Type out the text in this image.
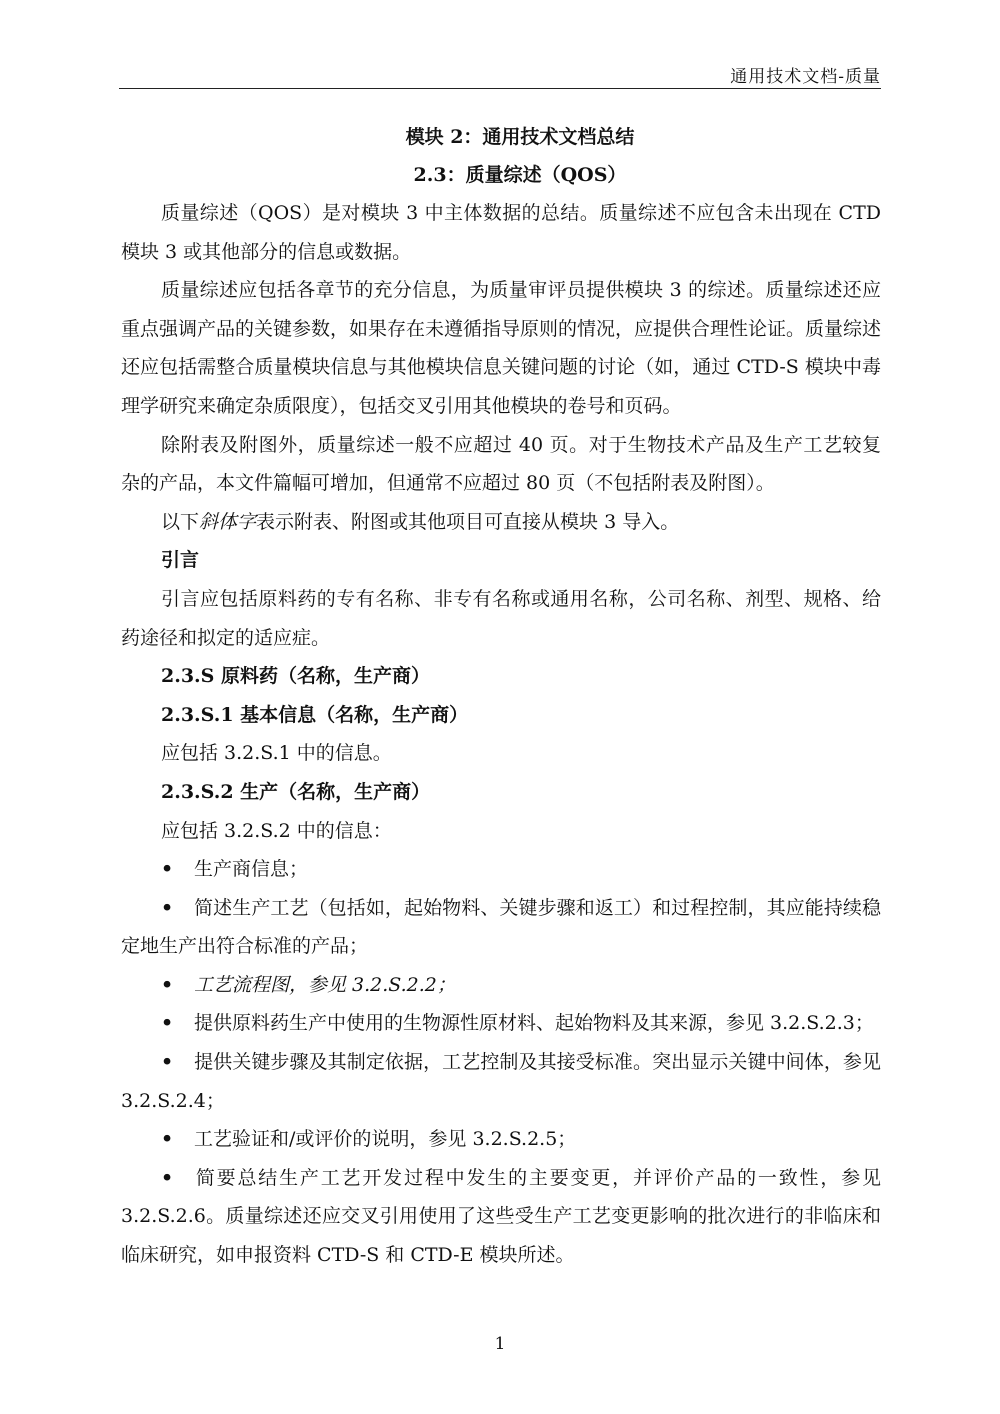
通用技术文档-质量
模块 2：通用技术文档总结
2.3：质量综述（QOS）

质量综述（QOS）是对模块 3 中主体数据的总结。质量综述不应包含未出现在 CTD 模块 3 或其他部分的信息或数据。

质量综述应包括各章节的充分信息，为质量审评员提供模块 3 的综述。质量综述还应重点强调产品的关键参数，如果存在未遵循指导原则的情况，应提供合理性论证。质量综述还应包括需整合质量模块信息与其他模块信息关键问题的讨论（如，通过 CTD-S 模块中毒理学研究来确定杂质限度），包括交叉引用其他模块的卷号和页码。

除附表及附图外，质量综述一般不应超过 40 页。对于生物技术产品及生产工艺较复杂的产品，本文件篇幅可增加，但通常不应超过 80 页（不包括附表及附图）。

以下斜体字表示附表、附图或其他项目可直接从模块 3 导入。

引言

引言应包括原料药的专有名称、非专有名称或通用名称，公司名称、剂型、规格、给药途径和拟定的适应症。

2.3.S 原料药（名称，生产商）

2.3.S.1 基本信息（名称，生产商）

应包括 3.2.S.1 中的信息。

2.3.S.2 生产（名称，生产商）

应包括 3.2.S.2 中的信息：

• 生产商信息；

• 简述生产工艺（包括如，起始物料、关键步骤和返工）和过程控制，其应能持续稳定地生产出符合标准的产品；

• 工艺流程图，参见 3.2.S.2.2；

• 提供原料药生产中使用的生物源性原材料、起始物料及其来源，参见 3.2.S.2.3；

• 提供关键步骤及其制定依据，工艺控制及其接受标准。突出显示关键中间体，参见 3.2.S.2.4；

• 工艺验证和/或评价的说明，参见 3.2.S.2.5；

• 简要总结生产工艺开发过程中发生的主要变更，并评价产品的一致性，参见 3.2.S.2.6。质量综述还应交叉引用使用了这些受生产工艺变更影响的批次进行的非临床和临床研究，如申报资料 CTD-S 和 CTD-E 模块所述。

1
